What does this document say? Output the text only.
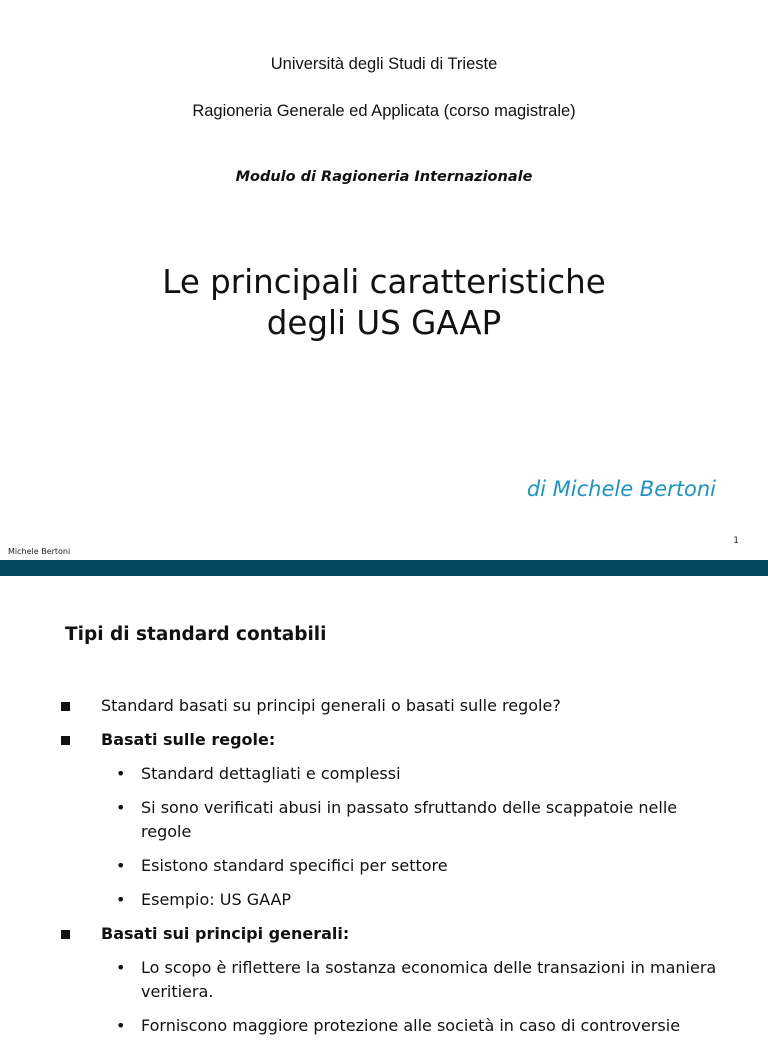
Università degli Studi di Trieste
Ragioneria Generale ed Applicata (corso magistrale)
Modulo di Ragioneria Internazionale
Le principali caratteristiche
degli US GAAP
di Michele Bertoni
Michele Bertoni
1
Tipi di standard contabili
Standard basati su principi generali o basati sulle regole?
Basati sulle regole:
• Standard dettagliati e complessi
• Si sono verificati abusi in passato sfruttando delle scappatoie nelle regole
• Esistono standard specifici per settore
• Esempio: US GAAP
Basati sui principi generali:
• Lo scopo è riflettere la sostanza economica delle transazioni in maniera veritiera.
• Forniscono maggiore protezione alle società in caso di controversie
